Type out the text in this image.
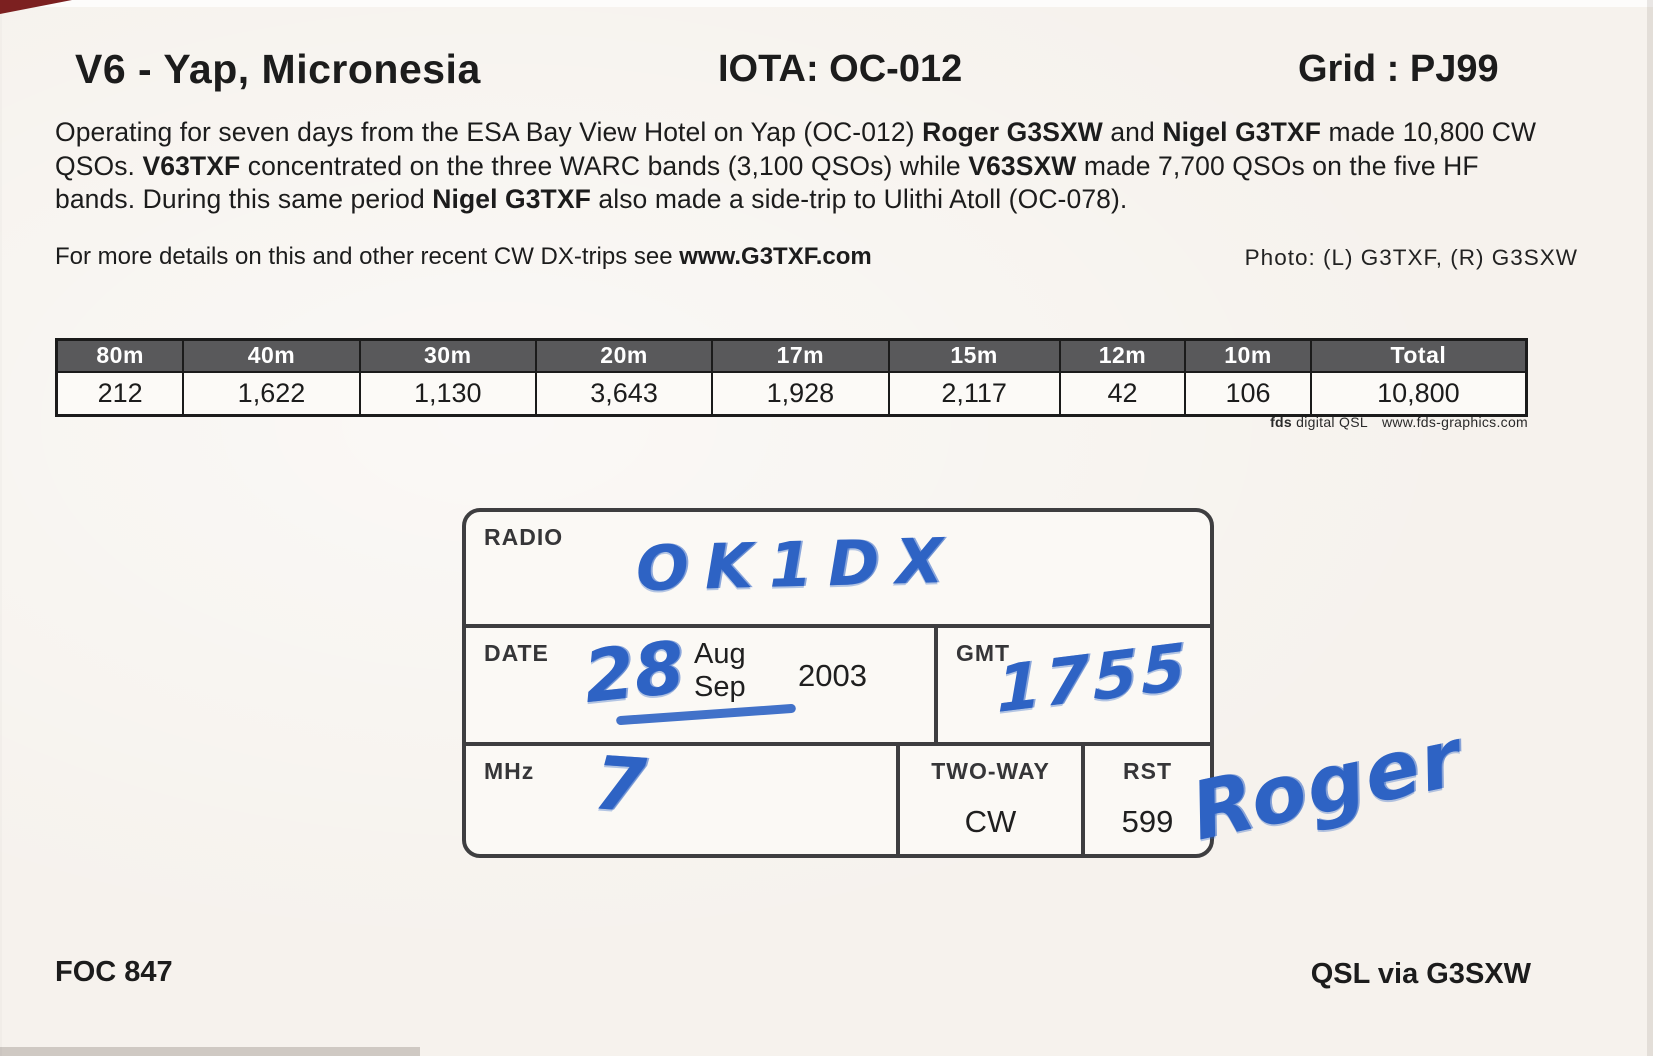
V6 - Yap, Micronesia	IOTA: OC-012	Grid : PJ99
Operating for seven days from the ESA Bay View Hotel on Yap (OC-012) Roger G3SXW and Nigel G3TXF made 10,800 CW QSOs. V63TXF concentrated on the three WARC bands (3,100 QSOs) while V63SXW made 7,700 QSOs on the five HF bands. During this same period Nigel G3TXF also made a side-trip to Ulithi Atoll (OC-078).
For more details on this and other recent CW DX-trips see www.G3TXF.com	Photo: (L) G3TXF, (R) G3SXW
80m	40m	30m	20m	17m	15m	12m	10m	Total
212	1,622	1,130	3,643	1,928	2,117	42	106	10,800
fds digital QSL www.fds-graphics.com
RADIO OK1DX
DATE 28 Aug
Sep 2003
GMT
1755
MHz 7	TWO-WAY
CW
RST
599 Roger
FOC 847	QSL via G3SXW
